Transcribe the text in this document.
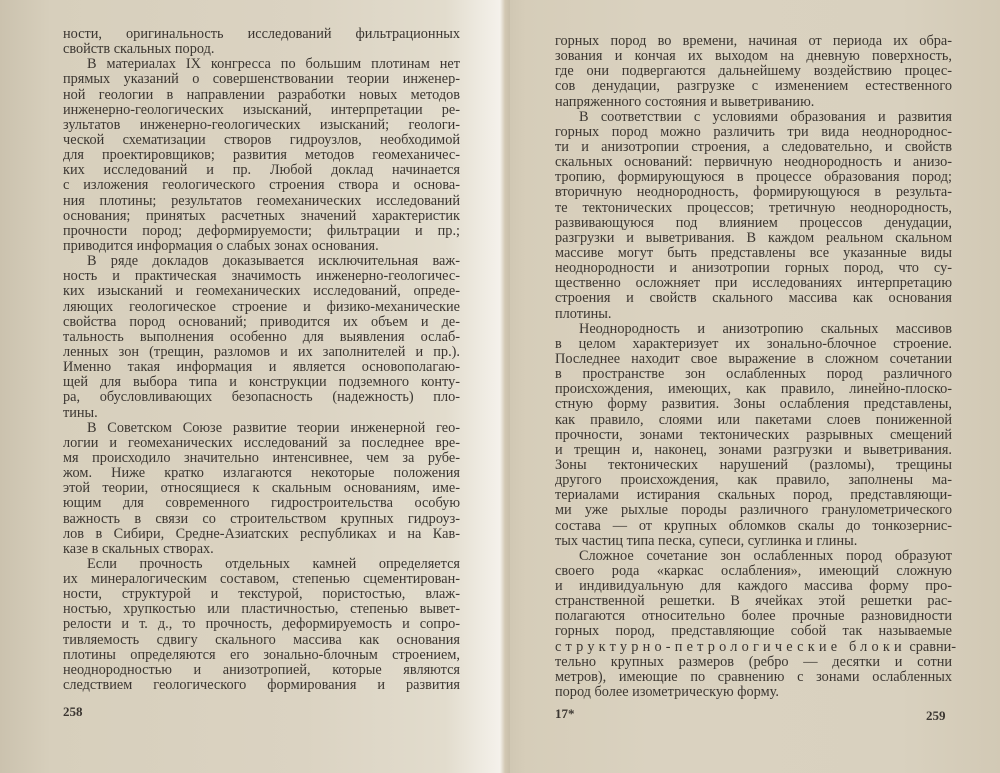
ности, оригинальность исследований фильтрационных
свойств скальных пород.
В материалах IX конгресса по большим плотинам нет
прямых указаний о совершенствовании теории инженер-
ной геологии в направлении разработки новых методов
инженерно-геологических изысканий, интерпретации ре-
зультатов инженерно-геологических изысканий; геологи-
ческой схематизации створов гидроузлов, необходимой
для проектировщиков; развития методов геомеханичес-
ких исследований и пр. Любой доклад начинается
с изложения геологического строения створа и основа-
ния плотины; результатов геомеханических исследований
основания; принятых расчетных значений характеристик
прочности пород; деформируемости; фильтрации и пр.;
приводится информация о слабых зонах основания.
В ряде докладов доказывается исключительная важ-
ность и практическая значимость инженерно-геологичес-
ких изысканий и геомеханических исследований, опреде-
ляющих геологическое строение и физико-механические
свойства пород оснований; приводится их объем и де-
тальность выполнения особенно для выявления ослаб-
ленных зон (трещин, разломов и их заполнителей и пр.).
Именно такая информация и является основополагаю-
щей для выбора типа и конструкции подземного конту-
ра, обусловливающих безопасность (надежность) пло-
тины.
В Советском Союзе развитие теории инженерной гео-
логии и геомеханических исследований за последнее вре-
мя происходило значительно интенсивнее, чем за рубе-
жом. Ниже кратко излагаются некоторые положения
этой теории, относящиеся к скальным основаниям, име-
ющим для современного гидростроительства особую
важность в связи со строительством крупных гидроуз-
лов в Сибири, Средне-Азиатских республиках и на Кав-
казе в скальных створах.
Если прочность отдельных камней определяется
их минералогическим составом, степенью сцементирован-
ности, структурой и текстурой, пористостью, влаж-
ностью, хрупкостью или пластичностью, степенью вывет-
релости и т. д., то прочность, деформируемость и сопро-
тивляемость сдвигу скального массива как основания
плотины определяются его зонально-блочным строением,
неоднородностью и анизотропией, которые являются
следствием геологического формирования и развития
258	17*	259
горных пород во времени, начиная от периода их обра-
зования и кончая их выходом на дневную поверхность,
где они подвергаются дальнейшему воздействию процес-
сов денудации, разгрузке с изменением естественного
напряженного состояния и выветриванию.
В соответствии с условиями образования и развития
горных пород можно различить три вида неоднороднос-
ти и анизотропии строения, а следовательно, и свойств
скальных оснований: первичную неоднородность и анизо-
тропию, формирующуюся в процессе образования пород;
вторичную неоднородность, формирующуюся в результа-
те тектонических процессов; третичную неоднородность,
развивающуюся под влиянием процессов денудации,
разгрузки и выветривания. В каждом реальном скальном
массиве могут быть представлены все указанные виды
неоднородности и анизотропии горных пород, что су-
щественно осложняет при исследованиях интерпретацию
строения и свойств скального массива как основания
плотины.
Неоднородность и анизотропию скальных массивов
в целом характеризует их зонально-блочное строение.
Последнее находит свое выражение в сложном сочетании
в пространстве зон ослабленных пород различного
происхождения, имеющих, как правило, линейно-плоско-
стную форму развития. Зоны ослабления представлены,
как правило, слоями или пакетами слоев пониженной
прочности, зонами тектонических разрывных смещений
и трещин и, наконец, зонами разгрузки и выветривания.
Зоны тектонических нарушений (разломы), трещины
другого происхождения, как правило, заполнены ма-
териалами истирания скальных пород, представляющи-
ми уже рыхлые породы различного гранулометрического
состава — от крупных обломков скалы до тонкозернис-
тых частиц типа песка, супеси, суглинка и глины.
Сложное сочетание зон ослабленных пород образуют
своего рода «каркас ослабления», имеющий сложную
и индивидуальную для каждого массива форму про-
странственной решетки. В ячейках этой решетки рас-
полагаются относительно более прочные разновидности
горных пород, представляющие собой так называемые
структурно-петрологические блоки сравни-
тельно крупных размеров (ребро — десятки и сотни
метров), имеющие по сравнению с зонами ослабленных
пород более изометрическую форму.
